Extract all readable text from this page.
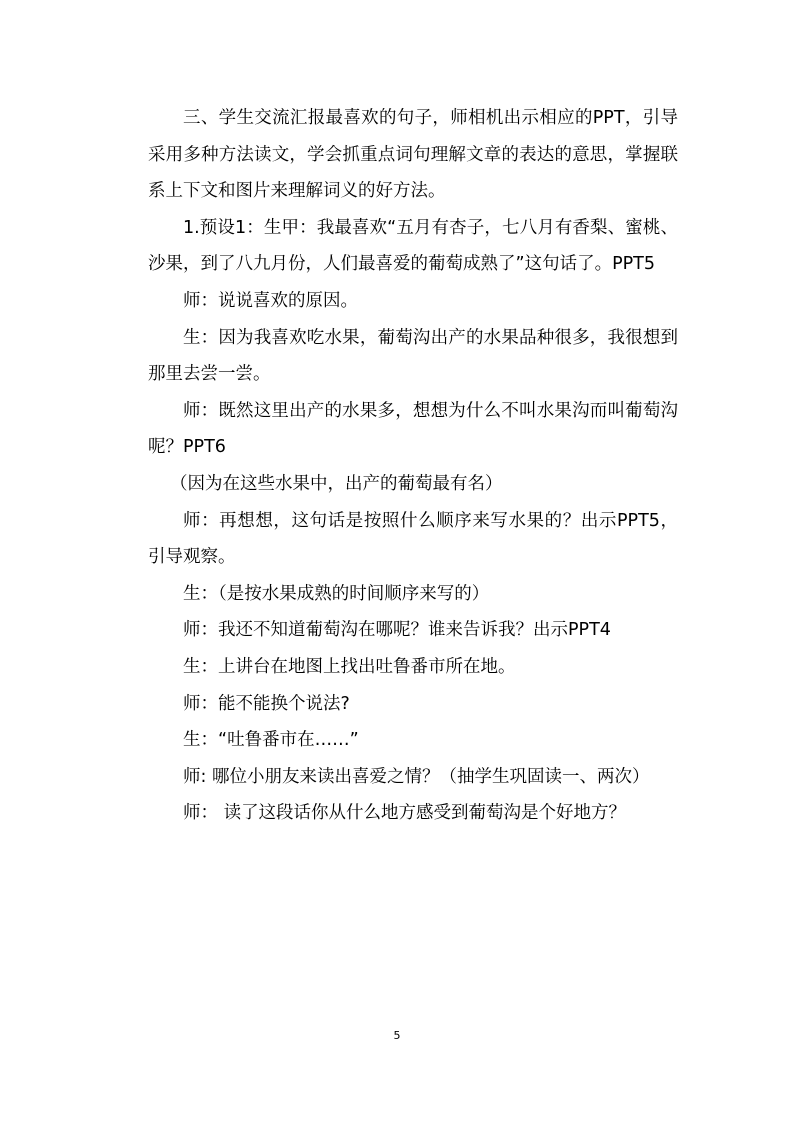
三、学生交流汇报最喜欢的句子，师相机出示相应的PPT，引导采用多种方法读文，学会抓重点词句理解文章的表达的意思，掌握联系上下文和图片来理解词义的好方法。

1.预设1：生甲：我最喜欢“五月有杏子，七八月有香梨、蜜桃、沙果，到了八九月份，人们最喜爱的葡萄成熟了”这句话了。PPT5

师：说说喜欢的原因。

生：因为我喜欢吃水果，葡萄沟出产的水果品种很多，我很想到那里去尝一尝。

师：既然这里出产的水果多，想想为什么不叫水果沟而叫葡萄沟呢？PPT6

（因为在这些水果中，出产的葡萄最有名）

师：再想想，这句话是按照什么顺序来写水果的？出示PPT5，引导观察。

生：（是按水果成熟的时间顺序来写的）

师：我还不知道葡萄沟在哪呢？谁来告诉我？出示PPT4

生：上讲台在地图上找出吐鲁番市所在地。

师：能不能换个说法?

生：“吐鲁番市在……”

师: 哪位小朋友来读出喜爱之情？（抽学生巩固读一、两次）

师： 读了这段话你从什么地方感受到葡萄沟是个好地方？

5
